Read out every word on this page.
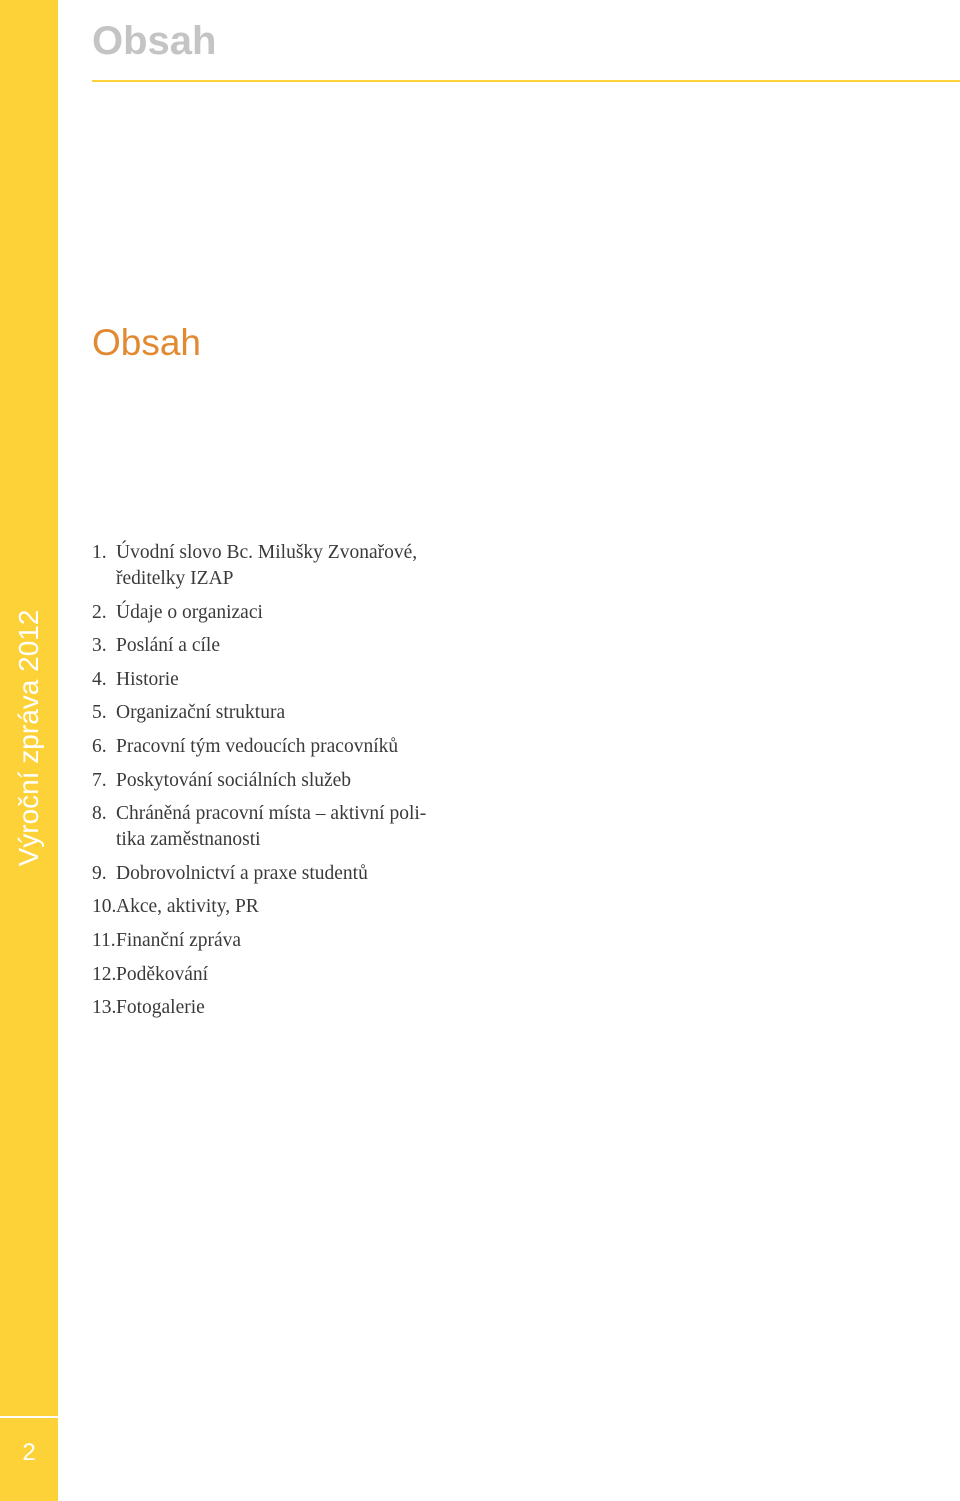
Výroční zpráva 2012
2
Obsah
Obsah
1. Úvodní slovo Bc. Milušky Zvonařové,
ředitelky IZAP
2. Údaje o organizaci
3. Poslání a cíle
4. Historie
5. Organizační struktura
6. Pracovní tým vedoucích pracovníků
7. Poskytování sociálních služeb
8. Chráněná pracovní místa – aktivní poli-
tika zaměstnanosti
9. Dobrovolnictví a praxe studentů
10. Akce, aktivity, PR
11. Finanční zpráva
12. Poděkování
13. Fotogalerie
